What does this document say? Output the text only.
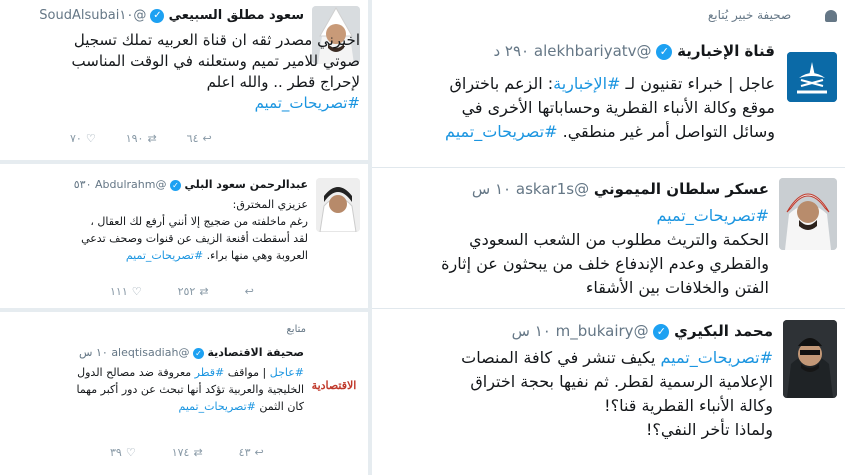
سعود مطلق السبيعي ✓ @SoudAlsubai١٠
اخبرني مصدر ثقه ان قناة العربيه تملك تسجيل
صوتي للامير تميم وستعلنه في الوقت المناسب
لإحراج قطر .. والله اعلم
#تصريحات_تميم
٧٠ ♡	١٩٠ ⇄	٦٤ ↩
عبدالرحمن سعود البلي ✓ @Abdulrahm ٥٣٠
عزيزي المخترق:
رغم ماخلفته من ضجيج إلا أنني أرفع لك العقال ،
لقد أسقطت أقنعة الزيف عن قنوات وصحف تدعي
العروبة وهي منها براء. #تصريحات_تميم
١١١ ♡	٢٥٢ ⇄	↩
متابع
الاقتصادية
صحيفة الاقتصادية ✓ @aleqtisadiah ١٠ س
#عاجل | مواقف #قطر معروفة ضد مصالح الدول
الخليجية والعربية تؤكد أنها تبحث عن دور أكبر مهما
كان الثمن #تصريحات_تميم
٣٩ ♡	١٧٤ ⇄	٤٣ ↩
صحيفة خبير يُتابع
قناة الإخبارية ✓ @alekhbariyatv ٢٩٠ د
عاجل | خبراء تقنيون لـ #الإخبارية: الزعم باختراق
موقع وكالة الأنباء القطرية وحساباتها الأخرى في
وسائل التواصل أمر غير منطقي. #تصريحات_تميم
عسكر سلطان الميموني @askar1s ١٠ س
#تصريحات_تميم
الحكمة والتريث مطلوب من الشعب السعودي
والقطري وعدم الإندفاع خلف من يبحثون عن إثارة
الفتن والخلافات بين الأشقاء
محمد البكيري ✓ @m_bukairy ١٠ س
#تصريحات_تميم يكيف تنشر في كافة المنصات
الإعلامية الرسمية لقطر. ثم نفيها بحجة اختراق
وكالة الأنباء القطرية قنا؟!
ولماذا تأخر النفي؟!
